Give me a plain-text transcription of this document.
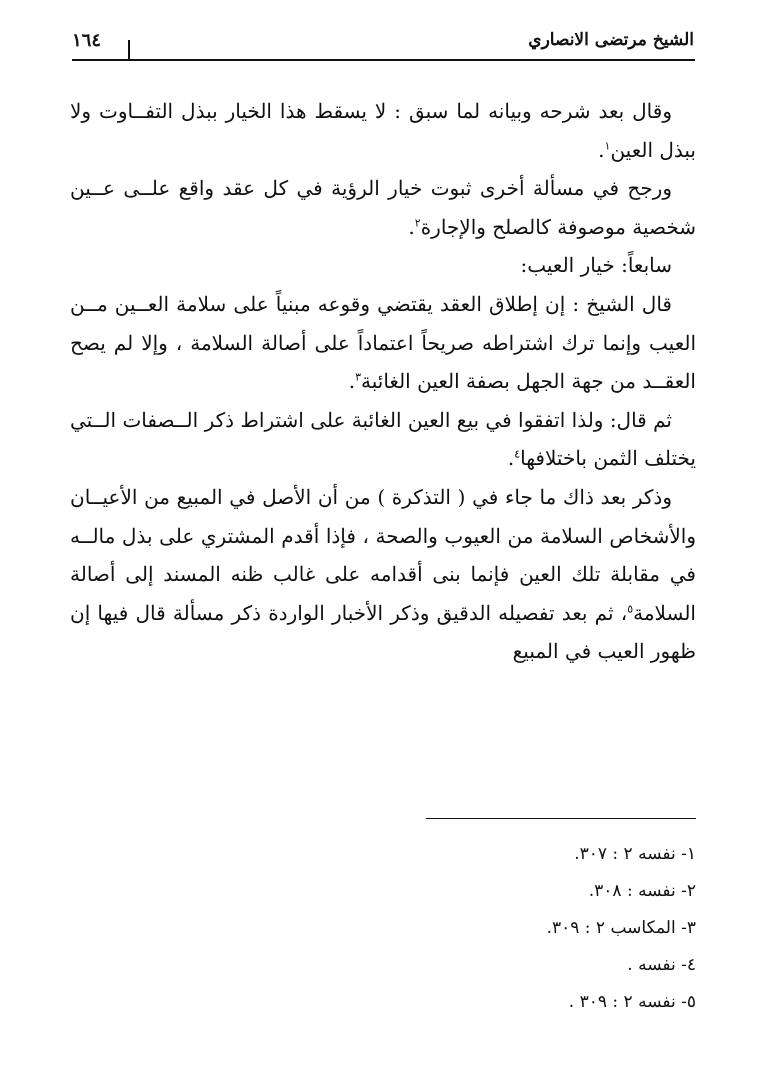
الشيخ مرتضى الانصاري
١٦٤

وقال بعد شرحه وبيانه لما سبق : لا يسقط هذا الخيار ببذل التفــاوت ولا ببذل العين$^١$.

ورجح في مسألة أخرى ثبوت خيار الرؤية في كل عقد واقع علــى عــين شخصية موصوفة كالصلح والإجارة$^٢$.

سابعاً: خيار العيب:

قال الشيخ : إن إطلاق العقد يقتضي وقوعه مبنياً على سلامة العــين مــن العيب وإنما ترك اشتراطه صريحاً اعتماداً على أصالة السلامة ، وإلا لم يصح العقــد من جهة الجهل بصفة العين الغائبة$^٣$.

ثم قال: ولذا اتفقوا في بيع العين الغائبة على اشتراط ذكر الــصفات الــتي يختلف الثمن باختلافها$^٤$.

وذكر بعد ذاك ما جاء في ( التذكرة ) من أن الأصل في المبيع من الأعيــان والأشخاص السلامة من العيوب والصحة ، فإذا أقدم المشتري على بذل مالــه في مقابلة تلك العين فإنما بنى أقدامه على غالب ظنه المسند إلى أصالة السلامة$^٥$، ثم بعد تفصيله الدقيق وذكر الأخبار الواردة ذكر مسألة قال فيها إن ظهور العيب في المبيع

١- نفسه ٢ : ٣٠٧.
٢- نفسه : ٣٠٨.
٣- المكاسب ٢ : ٣٠٩.
٤- نفسه .
٥- نفسه ٢ : ٣٠٩ .
